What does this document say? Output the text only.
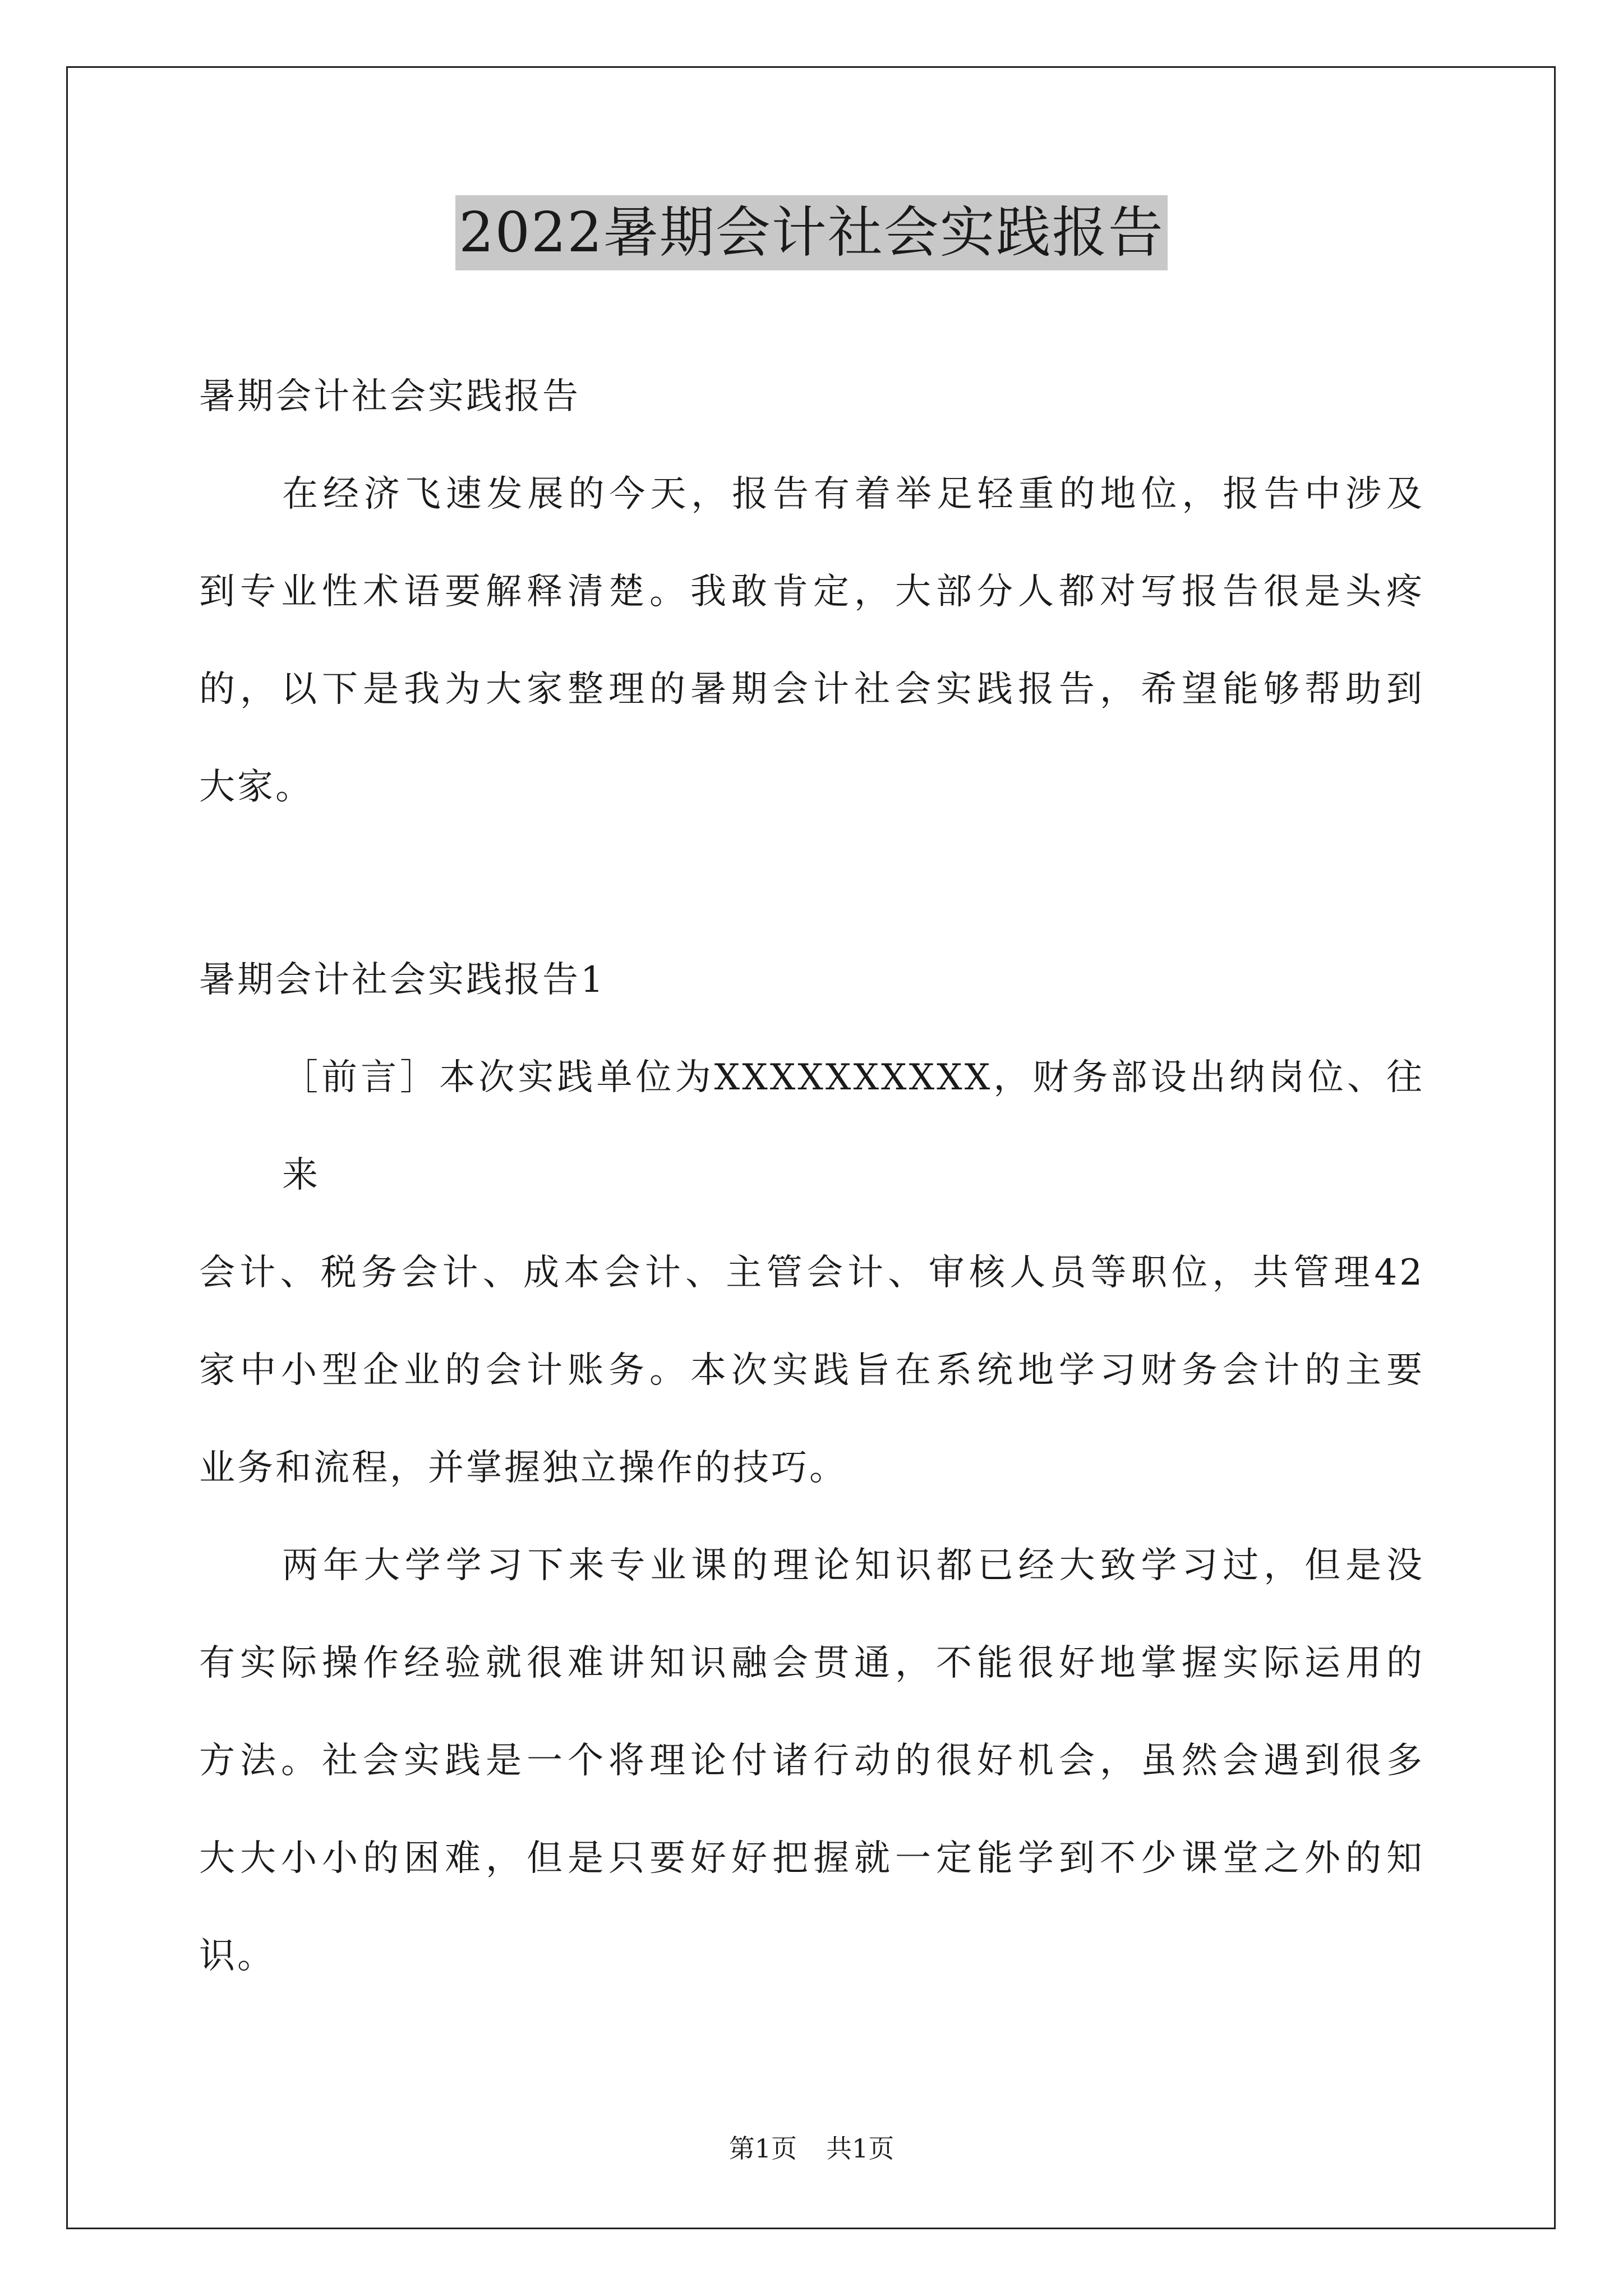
2022暑期会计社会实践报告

暑期会计社会实践报告

在经济飞速发展的今天，报告有着举足轻重的地位，报告中涉及

到专业性术语要解释清楚。我敢肯定，大部分人都对写报告很是头疼

的，以下是我为大家整理的暑期会计社会实践报告，希望能够帮助到

大家。

暑期会计社会实践报告1

［前言］本次实践单位为XXXXXXXXXX，财务部设出纳岗位、往来

会计、税务会计、成本会计、主管会计、审核人员等职位，共管理42

家中小型企业的会计账务。本次实践旨在系统地学习财务会计的主要

业务和流程，并掌握独立操作的技巧。

两年大学学习下来专业课的理论知识都已经大致学习过，但是没

有实际操作经验就很难讲知识融会贯通，不能很好地掌握实际运用的

方法。社会实践是一个将理论付诸行动的很好机会，虽然会遇到很多

大大小小的困难，但是只要好好把握就一定能学到不少课堂之外的知

识。

第1页 共1页
